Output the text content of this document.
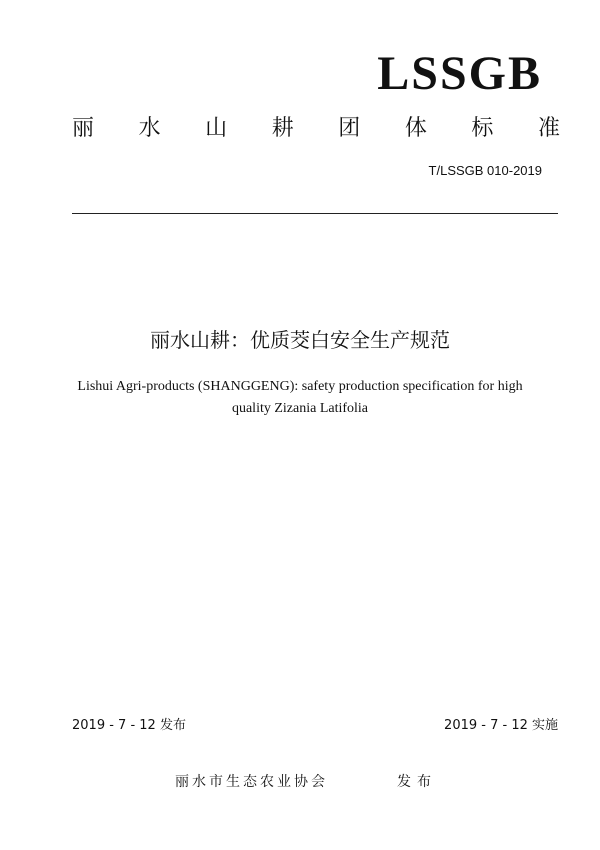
LSSGB
丽 水 山 耕 团 体 标 准
T/LSSGB 010-2019
丽水山耕：优质茭白安全生产规范
Lishui Agri-products (SHANGGENG): safety production specification for high
quality Zizania Latifolia
2019 - 7 - 12 发布	2019 - 7 - 12 实施
丽水市生态农业协会	发布
